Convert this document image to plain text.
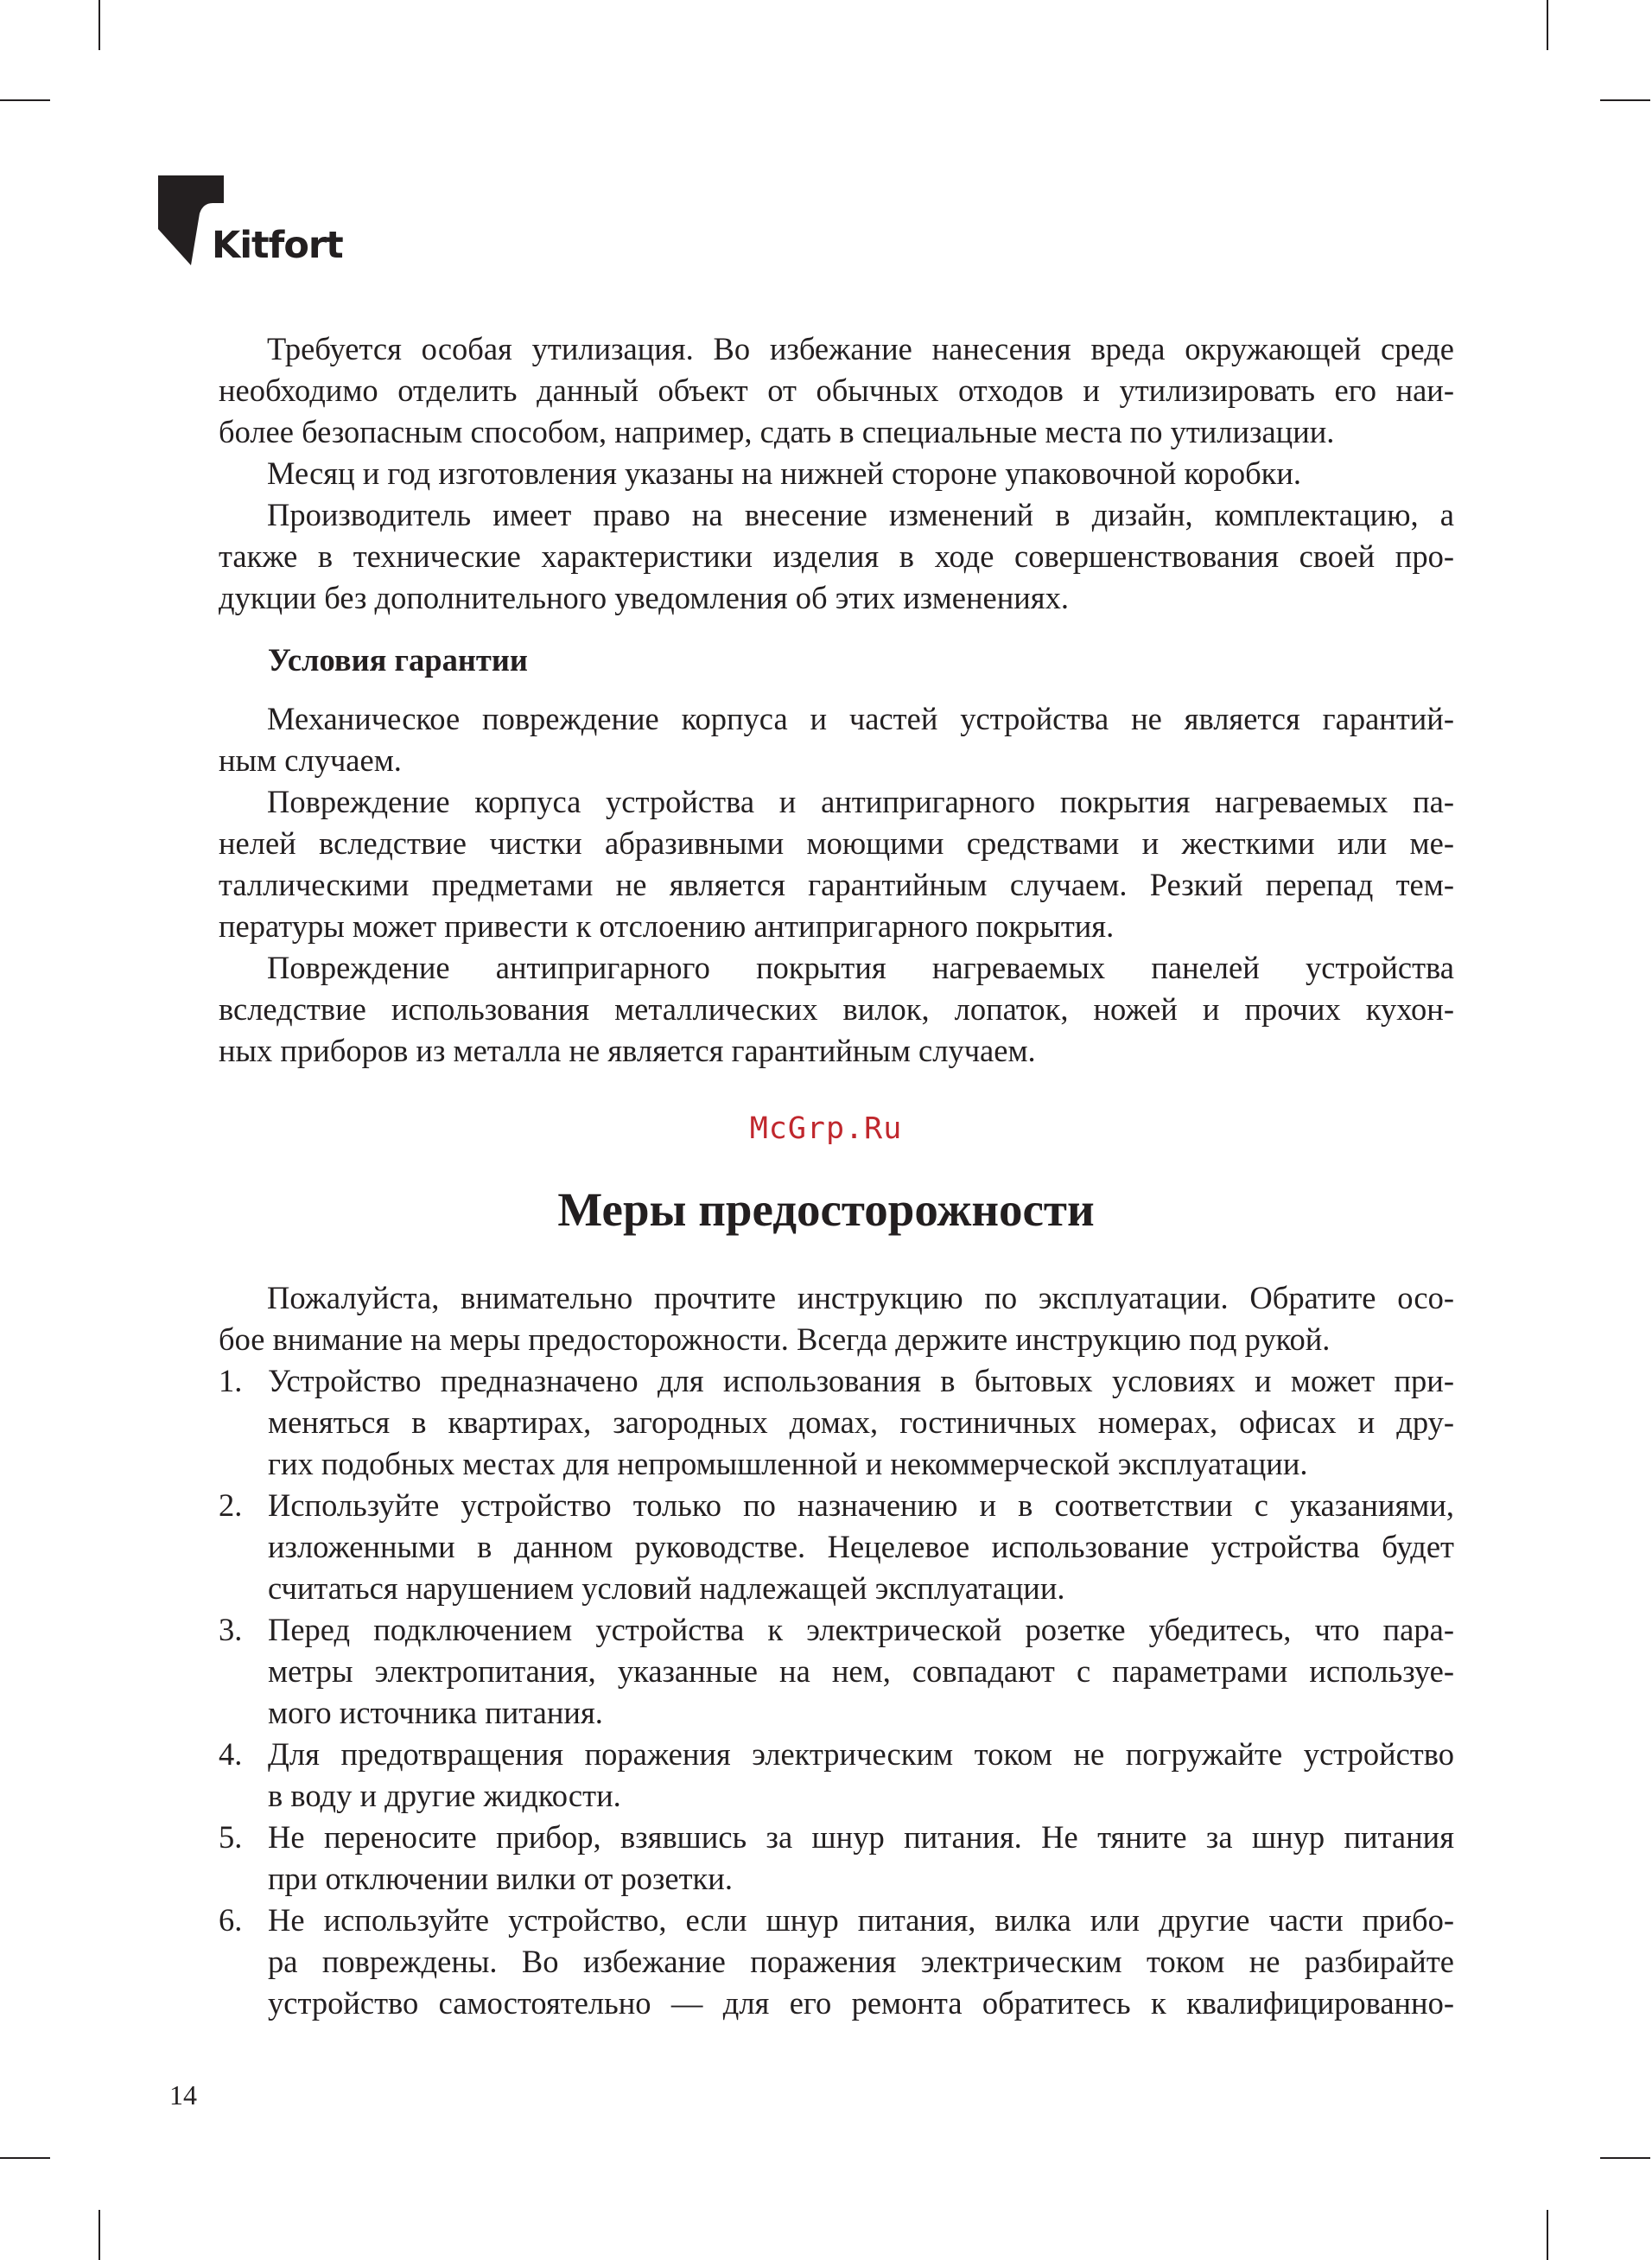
Kitfort

Требуется особая утилизация. Во избежание нанесения вреда окружающей среде
необходимо отделить данный объект от обычных отходов и утилизировать его наи-
более безопасным способом, например, сдать в специальные места по утилизации.

Месяц и год изготовления указаны на нижней стороне упаковочной коробки.

Производитель имеет право на внесение изменений в дизайн, комплектацию, а
также в технические характеристики изделия в ходе совершенствования своей про-
дукции без дополнительного уведомления об этих изменениях.

Условия гарантии

Механическое повреждение корпуса и частей устройства не является гарантий-
ным случаем.

Повреждение корпуса устройства и антипригарного покрытия нагреваемых па-
нелей вследствие чистки абразивными моющими средствами и жесткими или ме-
таллическими предметами не является гарантийным случаем. Резкий перепад тем-
пературы может привести к отслоению антипригарного покрытия.

Повреждение антипригарного покрытия нагреваемых панелей устройства
вследствие использования металлических вилок, лопаток, ножей и прочих кухон-
ных приборов из металла не является гарантийным случаем.

McGrp.Ru
Меры предосторожности

Пожалуйста, внимательно прочтите инструкцию по эксплуатации. Обратите осо-
бое внимание на меры предосторожности. Всегда держите инструкцию под рукой.

1. Устройство предназначено для использования в бытовых условиях и может при-
меняться в квартирах, загородных домах, гостиничных номерах, офисах и дру-
гих подобных местах для непромышленной и некоммерческой эксплуатации.
2. Используйте устройство только по назначению и в соответствии с указаниями,
изложенными в данном руководстве. Нецелевое использование устройства будет
считаться нарушением условий надлежащей эксплуатации.
3. Перед подключением устройства к электрической розетке убедитесь, что пара-
метры электропитания, указанные на нем, совпадают с параметрами используе-
мого источника питания.
4. Для предотвращения поражения электрическим током не погружайте устройство
в воду и другие жидкости.
5. Не переносите прибор, взявшись за шнур питания. Не тяните за шнур питания
при отключении вилки от розетки.
6. Не используйте устройство, если шнур питания, вилка или другие части прибо-
ра повреждены. Во избежание поражения электрическим током не разбирайте
устройство самостоятельно — для его ремонта обратитесь к квалифицированно-
14
